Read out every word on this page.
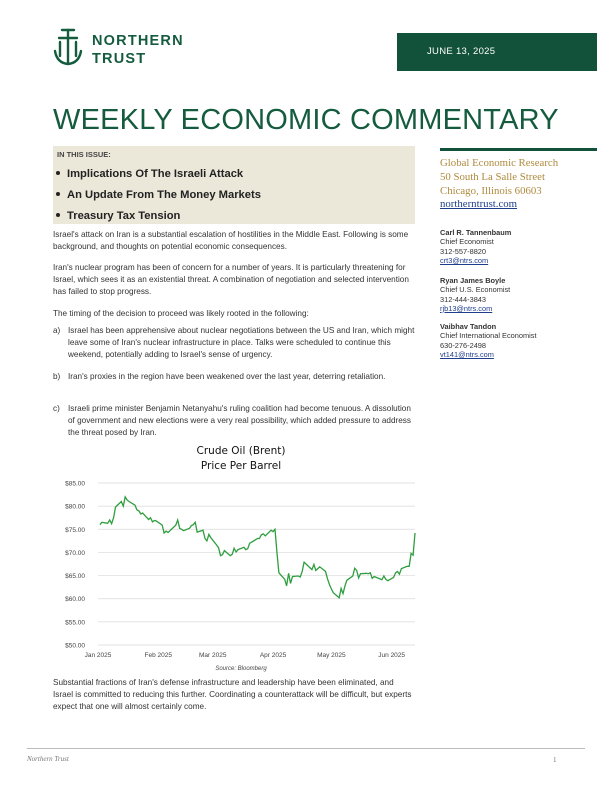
NORTHERN
TRUST	JUNE 13, 2025
WEEKLY ECONOMIC COMMENTARY
IN THIS ISSUE:
Implications Of The Israeli Attack
An Update From The Money Markets
Treasury Tax Tension
Israel's attack on Iran is a substantial escalation of hostilities in the Middle East. Following is some background, and thoughts on potential economic consequences.
Iran's nuclear program has been of concern for a number of years. It is particularly threatening for Israel, which sees it as an existential threat. A combination of negotiation and selected intervention has failed to stop progress.
The timing of the decision to proceed was likely rooted in the following:
a) Israel has been apprehensive about nuclear negotiations between the US and Iran, which might leave some of Iran's nuclear infrastructure in place. Talks were scheduled to continue this weekend, potentially adding to Israel's sense of urgency.
b) Iran's proxies in the region have been weakened over the last year, deterring retaliation.
c) Israeli prime minister Benjamin Netanyahu's ruling coalition had become tenuous. A dissolution of government and new elections were a very real possibility, which added pressure to address the threat posed by Iran.
Crude Oil (Brent)
Price Per Barrel
$50.00
$55.00
$60.00
$65.00
$70.00
$75.00
$80.00
$85.00
Jan 2025	Feb 2025	Mar 2025	Apr 2025	May 2025	Jun 2025
Source: Bloomberg
Substantial fractions of Iran's defense infrastructure and leadership have been eliminated, and Israel is committed to reducing this further. Coordinating a counterattack will be difficult, but experts expect that one will almost certainly come.
Global Economic Research
50 South La Salle Street
Chicago, Illinois 60603
northerntrust.com
Carl R. Tannenbaum
Chief Economist
312-557-8820
crt3@ntrs.com
Ryan James Boyle
Chief U.S. Economist
312-444-3843
rjb13@ntrs.com
Vaibhav Tandon
Chief International Economist
630-276-2498
vt141@ntrs.com
Northern Trust	1
